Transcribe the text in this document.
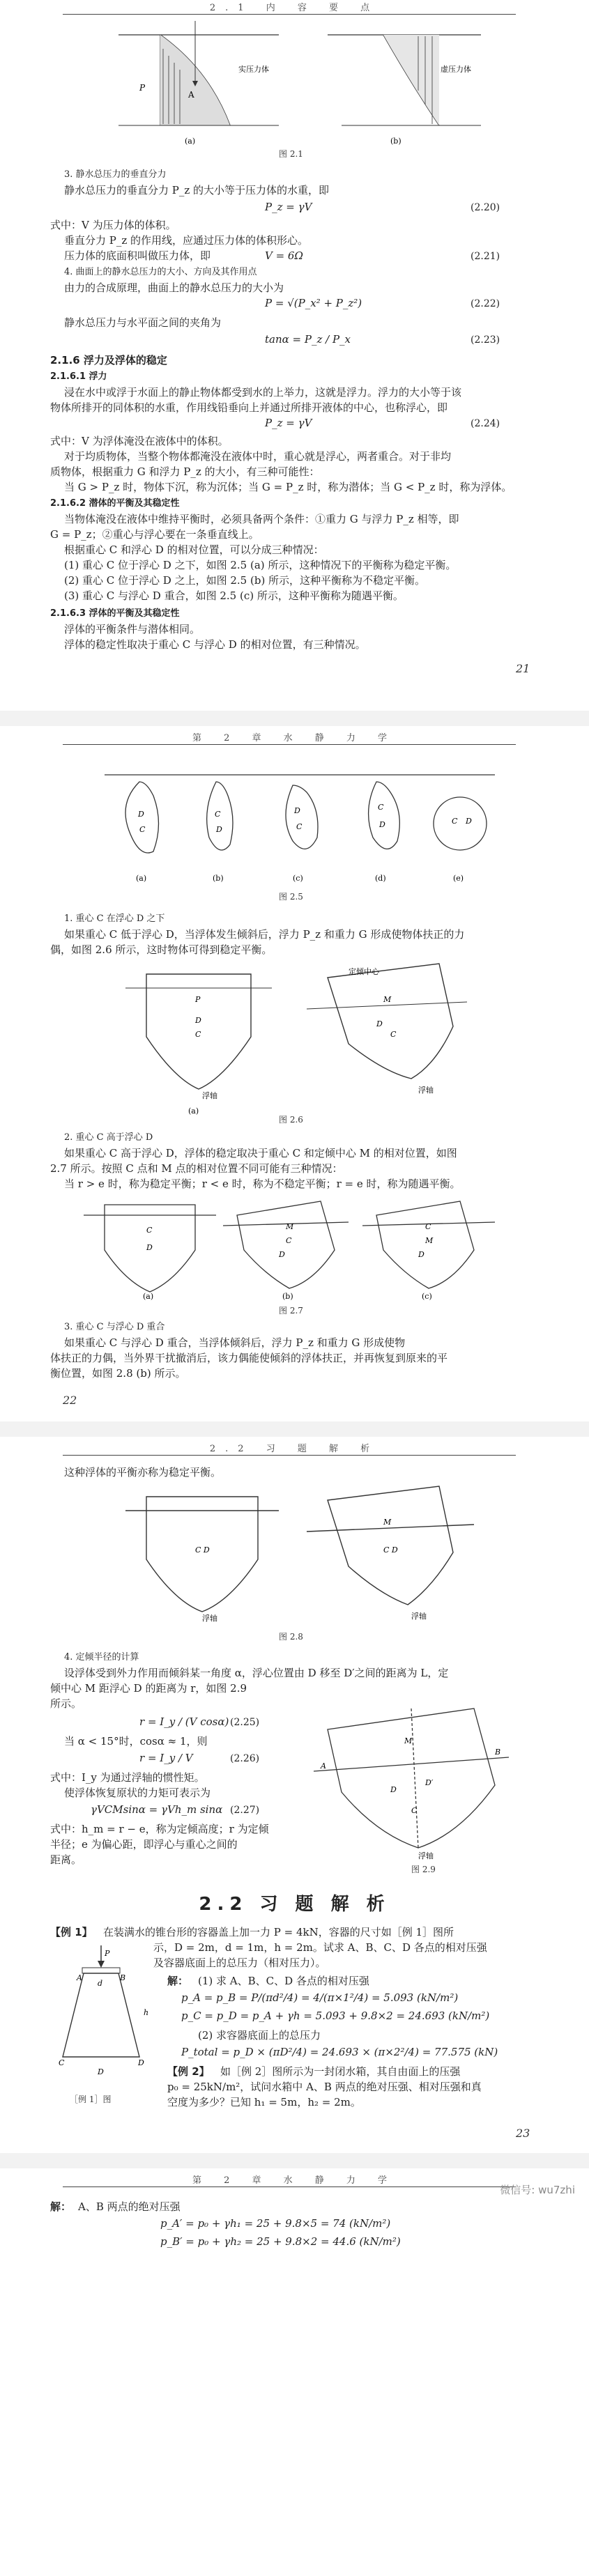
2.1 内 容 要 点
P
A
(a)
实压力体
(b)
虚压力体
图 2.1
3. 静水总压力的垂直分力
静水总压力的垂直分力 P_z 的大小等于压力体的水重，即
P_z = γV	(2.20)
式中：V 为压力体的体积。
垂直分力 P_z 的作用线，应通过压力体的体积形心。
压力体的底面积叫做压力体，即	V = 6Ω	(2.21)
4. 曲面上的静水总压力的大小、方向及其作用点
由力的合成原理，曲面上的静水总压力的大小为
P = √(P_x² + P_z²)	(2.22)
静水总压力与水平面之间的夹角为
tanα = P_z / P_x	(2.23)
2.1.6 浮力及浮体的稳定
2.1.6.1 浮力
浸在水中或浮于水面上的静止物体都受到水的上举力，这就是浮力。浮力的大小等于该
物体所排开的同体积的水重，作用线铅垂向上并通过所排开液体的中心，也称浮心，即
P_z = γV	(2.24)
式中：V 为浮体淹没在液体中的体积。
对于均质物体，当整个物体都淹没在液体中时，重心就是浮心，两者重合。对于非均
质物体，根据重力 G 和浮力 P_z 的大小，有三种可能性：
当 G > P_z 时，物体下沉，称为沉体；当 G = P_z 时，称为潜体；当 G < P_z 时，称为浮体。
2.1.6.2 潜体的平衡及其稳定性
当物体淹没在液体中维持平衡时，必须具备两个条件：①重力 G 与浮力 P_z 相等，即
G = P_z；②重心与浮心要在一条垂直线上。
根据重心 C 和浮心 D 的相对位置，可以分成三种情况：
(1) 重心 C 位于浮心 D 之下，如图 2.5 (a) 所示，这种情况下的平衡称为稳定平衡。
(2) 重心 C 位于浮心 D 之上，如图 2.5 (b) 所示，这种平衡称为不稳定平衡。
(3) 重心 C 与浮心 D 重合，如图 2.5 (c) 所示，这种平衡称为随遇平衡。
2.1.6.3 浮体的平衡及其稳定性
浮体的平衡条件与潜体相同。
浮体的稳定性取决于重心 C 与浮心 D 的相对位置，有三种情况。
21
第 2 章 水 静 力 学
D
C
C
D
D
C
C
D	C D
(a)	(b)	(c)	(d)	(e)
图 2.5
1. 重心 C 在浮心 D 之下
如果重心 C 低于浮心 D，当浮体发生倾斜后，浮力 P_z 和重力 G 形成使物体扶正的力
偶，如图 2.6 所示，这时物体可得到稳定平衡。
D
C
P
浮轴
(a)
定倾中心
M
D
C
浮轴
图 2.6
2. 重心 C 高于浮心 D
如果重心 C 高于浮心 D，浮体的稳定取决于重心 C 和定倾中心 M 的相对位置，如图
2.7 所示。按照 C 点和 M 点的相对位置不同可能有三种情况：
当 r > e 时，称为稳定平衡；r < e 时，称为不稳定平衡；r = e 时，称为随遇平衡。
C
D
M
C
D
C
M
D
(a)	(b)	(c)
图 2.7
3. 重心 C 与浮心 D 重合
如果重心 C 与浮心 D 重合，当浮体倾斜后，浮力 P_z 和重力 G 形成使物
体扶正的力偶，当外界干扰撤消后，该力偶能使倾斜的浮体扶正，并再恢复到原来的平
衡位置，如图 2.8 (b) 所示。
22
2.2 习 题 解 析
这种浮体的平衡亦称为稳定平衡。
C D
M
C D
浮轴	浮轴
图 2.8
4. 定倾半径的计算
设浮体受到外力作用而倾斜某一角度 α，浮心位置由 D 移至 D′之间的距离为 L，定
倾中心 M 距浮心 D 的距离为 r，如图 2.9
所示。
r = I_y / (V cosα) (2.25)
当 α < 15°时，cosα ≈ 1，则
r = I_y / V	(2.26)
式中：I_y 为通过浮轴的惯性矩。
使浮体恢复原状的力矩可表示为
γVCMsinα = γVh_m sinα (2.27)
式中：h_m = r − e，称为定倾高度；r 为定倾
半径；e 为偏心距，即浮心与重心之间的
距离。
M
D
D′
A
B
C
浮轴
图 2.9
2.2 习 题 解 析
【例 1】 在装满水的锥台形的容器盖上加一力 P = 4kN，容器的尺寸如［例 1］图所
示，D = 2m，d = 1m，h = 2m。试求 A、B、C、D 各点的相对压强
及容器底面上的总压力（相对压力）。
P
A	B
C	D
d
D
h
［例 1］图
解： (1) 求 A、B、C、D 各点的相对压强
p_A = p_B = P/(πd²/4) = 4/(π×1²/4) = 5.093 (kN/m²)
p_C = p_D = p_A + γh = 5.093 + 9.8×2 = 24.693 (kN/m²)
(2) 求容器底面上的总压力
P_total = p_D × (πD²/4) = 24.693 × (π×2²/4) = 77.575 (kN)
【例 2】 如［例 2］图所示为一封闭水箱，其自由面上的压强
p₀ = 25kN/m²，试问水箱中 A、B 两点的绝对压强、相对压强和真
空度为多少？已知 h₁ = 5m，h₂ = 2m。
23
第 2 章 水 静 力 学
解： A、B 两点的绝对压强
p_A′ = p₀ + γh₁ = 25 + 9.8×5 = 74 (kN/m²)
p_B′ = p₀ + γh₂ = 25 + 9.8×2 = 44.6 (kN/m²)
微信号: wu7zhi
